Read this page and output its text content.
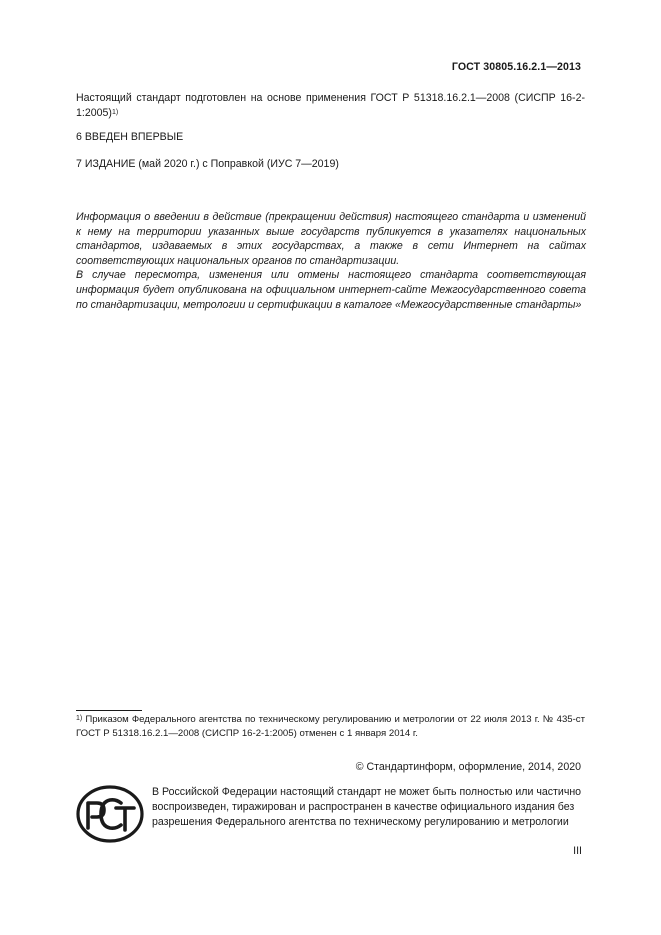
ГОСТ 30805.16.2.1—2013
Настоящий стандарт подготовлен на основе применения ГОСТ Р 51318.16.2.1—2008 (СИСПР 16-2-1:2005)$^{1)}$
6 ВВЕДЕН ВПЕРВЫЕ
7 ИЗДАНИЕ (май 2020 г.) с Поправкой (ИУС 7—2019)

Информация о введении в действие (прекращении действия) настоящего стандарта и изменений к нему на территории указанных выше государств публикуется в указателях национальных стандартов, издаваемых в этих государствах, а также в сети Интернет на сайтах соответствующих национальных органов по стандартизации.

В случае пересмотра, изменения или отмены настоящего стандарта соответствующая информация будет опубликована на официальном интернет-сайте Межгосударственного совета по стандартизации, метрологии и сертификации в каталоге «Межгосударственные стандарты»

$^{1)}$ Приказом Федерального агентства по техническому регулированию и метрологии от 22 июля 2013 г. № 435-ст ГОСТ Р 51318.16.2.1—2008 (СИСПР 16-2-1:2005) отменен с 1 января 2014 г.
© Стандартинформ, оформление, 2014, 2020
В Российской Федерации настоящий стандарт не может быть полностью или частично воспроизведен, тиражирован и распространен в качестве официального издания без разрешения Федерального агентства по техническому регулированию и метрологии
III
